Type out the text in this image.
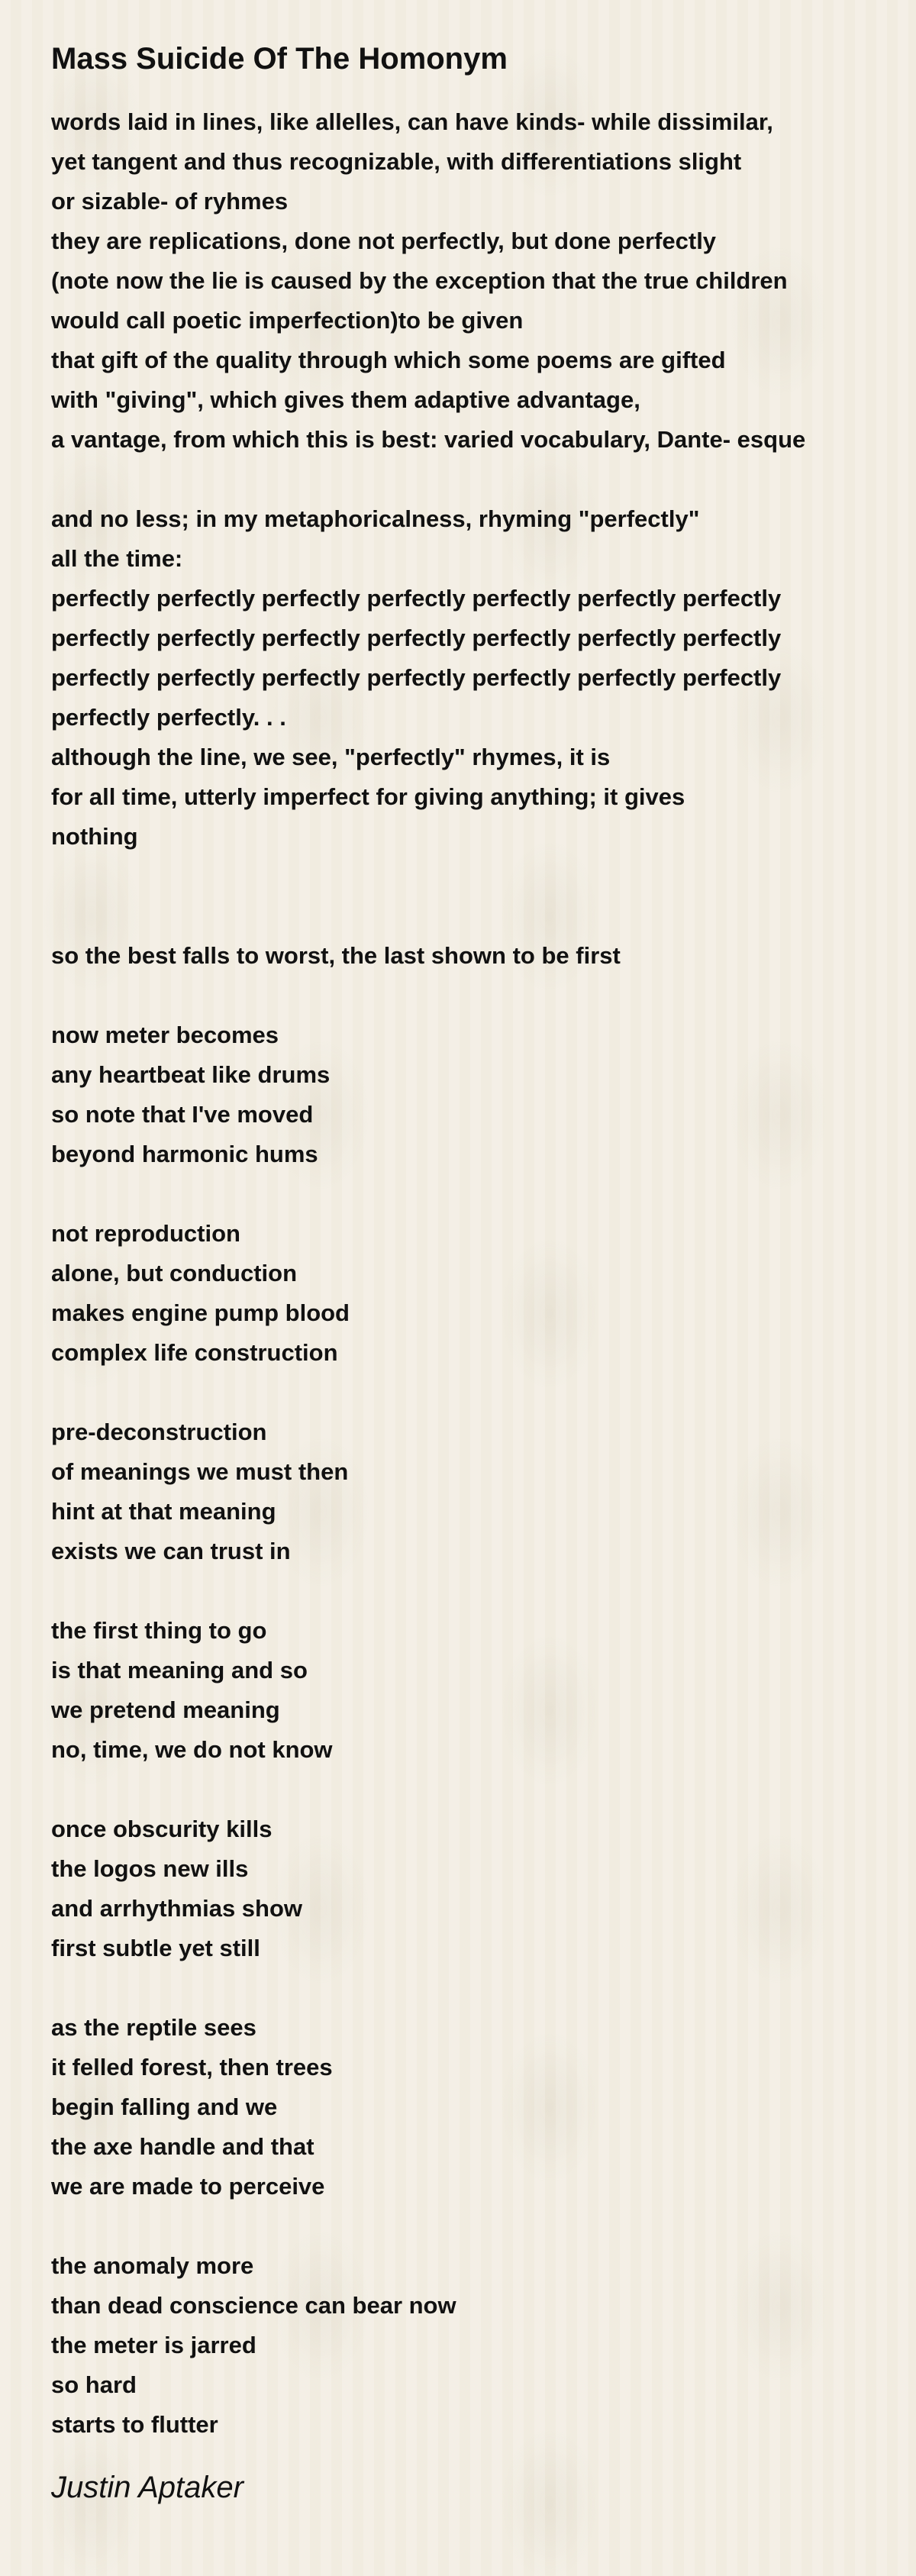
Mass Suicide Of The Homonym
words laid in lines, like allelles, can have kinds- while dissimilar,
yet tangent and thus recognizable, with differentiations slight
or sizable- of ryhmes
they are replications, done not perfectly, but done perfectly
(note now the lie is caused by the exception that the true children
would call poetic imperfection)to be given
that gift of the quality through which some poems are gifted
with "giving", which gives them adaptive advantage,
a vantage, from which this is best: varied vocabulary, Dante- esque
and no less; in my metaphoricalness, rhyming "perfectly"
all the time:
perfectly perfectly perfectly perfectly perfectly perfectly perfectly
perfectly perfectly perfectly perfectly perfectly perfectly perfectly
perfectly perfectly perfectly perfectly perfectly perfectly perfectly
perfectly perfectly. . .
although the line, we see, "perfectly" rhymes, it is
for all time, utterly imperfect for giving anything; it gives
nothing
so the best falls to worst, the last shown to be first
now meter becomes
any heartbeat like drums
so note that I've moved
beyond harmonic hums
not reproduction
alone, but conduction
makes engine pump blood
complex life construction
pre-deconstruction
of meanings we must then
hint at that meaning
exists we can trust in
the first thing to go
is that meaning and so
we pretend meaning
no, time, we do not know
once obscurity kills
the logos new ills
and arrhythmias show
first subtle yet still
as the reptile sees
it felled forest, then trees
begin falling and we
the axe handle and that
we are made to perceive
the anomaly more
than dead conscience can bear now
the meter is jarred
so hard
starts to flutter
Justin Aptaker
